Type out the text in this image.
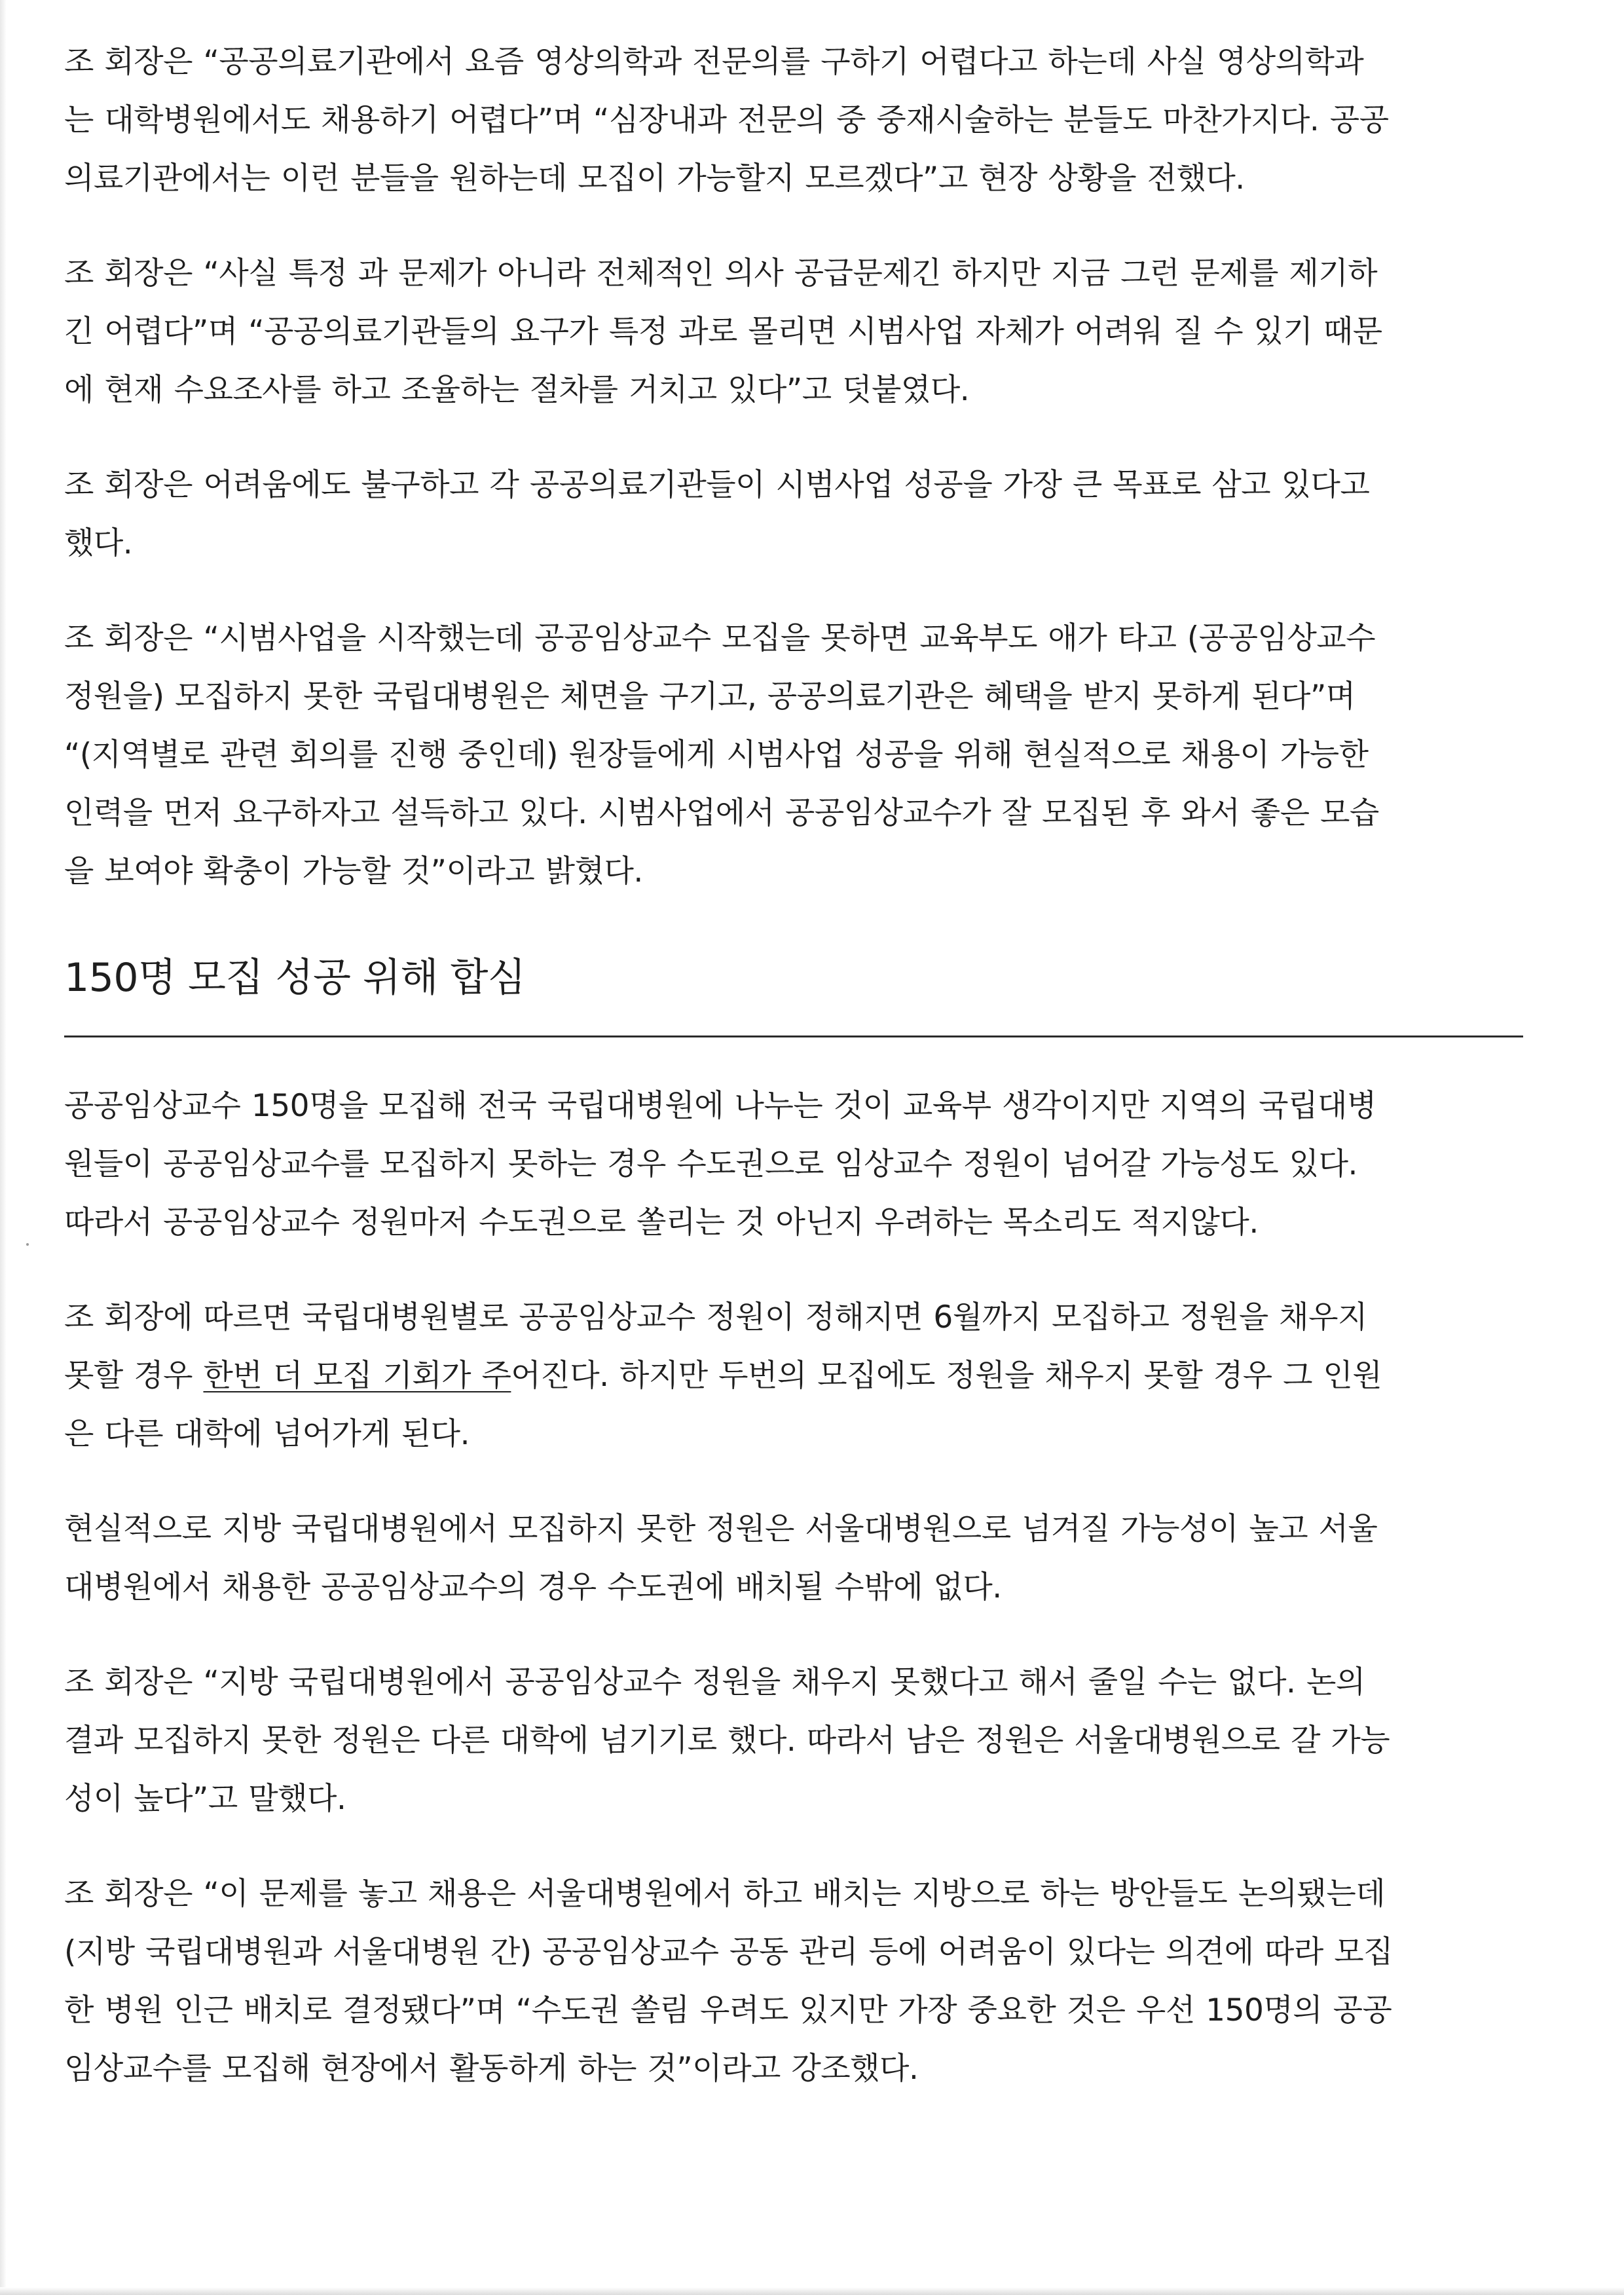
조 회장은 “공공의료기관에서 요즘 영상의학과 전문의를 구하기 어렵다고 하는데 사실 영상의학과
는 대학병원에서도 채용하기 어렵다”며 “심장내과 전문의 중 중재시술하는 분들도 마찬가지다. 공공
의료기관에서는 이런 분들을 원하는데 모집이 가능할지 모르겠다”고 현장 상황을 전했다.

조 회장은 “사실 특정 과 문제가 아니라 전체적인 의사 공급문제긴 하지만 지금 그런 문제를 제기하
긴 어렵다”며 “공공의료기관들의 요구가 특정 과로 몰리면 시범사업 자체가 어려워 질 수 있기 때문
에 현재 수요조사를 하고 조율하는 절차를 거치고 있다”고 덧붙였다.

조 회장은 어려움에도 불구하고 각 공공의료기관들이 시범사업 성공을 가장 큰 목표로 삼고 있다고
했다.

조 회장은 “시범사업을 시작했는데 공공임상교수 모집을 못하면 교육부도 애가 타고 (공공임상교수
정원을) 모집하지 못한 국립대병원은 체면을 구기고, 공공의료기관은 혜택을 받지 못하게 된다”며
“(지역별로 관련 회의를 진행 중인데) 원장들에게 시범사업 성공을 위해 현실적으로 채용이 가능한
인력을 먼저 요구하자고 설득하고 있다. 시범사업에서 공공임상교수가 잘 모집된 후 와서 좋은 모습
을 보여야 확충이 가능할 것”이라고 밝혔다.

150명 모집 성공 위해 합심

공공임상교수 150명을 모집해 전국 국립대병원에 나누는 것이 교육부 생각이지만 지역의 국립대병
원들이 공공임상교수를 모집하지 못하는 경우 수도권으로 임상교수 정원이 넘어갈 가능성도 있다.
따라서 공공임상교수 정원마저 수도권으로 쏠리는 것 아닌지 우려하는 목소리도 적지않다.

조 회장에 따르면 국립대병원별로 공공임상교수 정원이 정해지면 6월까지 모집하고 정원을 채우지
못할 경우 한번 더 모집 기회가 주어진다. 하지만 두번의 모집에도 정원을 채우지 못할 경우 그 인원
은 다른 대학에 넘어가게 된다.

현실적으로 지방 국립대병원에서 모집하지 못한 정원은 서울대병원으로 넘겨질 가능성이 높고 서울
대병원에서 채용한 공공임상교수의 경우 수도권에 배치될 수밖에 없다.

조 회장은 “지방 국립대병원에서 공공임상교수 정원을 채우지 못했다고 해서 줄일 수는 없다. 논의
결과 모집하지 못한 정원은 다른 대학에 넘기기로 했다. 따라서 남은 정원은 서울대병원으로 갈 가능
성이 높다”고 말했다.

조 회장은 “이 문제를 놓고 채용은 서울대병원에서 하고 배치는 지방으로 하는 방안들도 논의됐는데
(지방 국립대병원과 서울대병원 간) 공공임상교수 공동 관리 등에 어려움이 있다는 의견에 따라 모집
한 병원 인근 배치로 결정됐다”며 “수도권 쏠림 우려도 있지만 가장 중요한 것은 우선 150명의 공공
임상교수를 모집해 현장에서 활동하게 하는 것”이라고 강조했다.
